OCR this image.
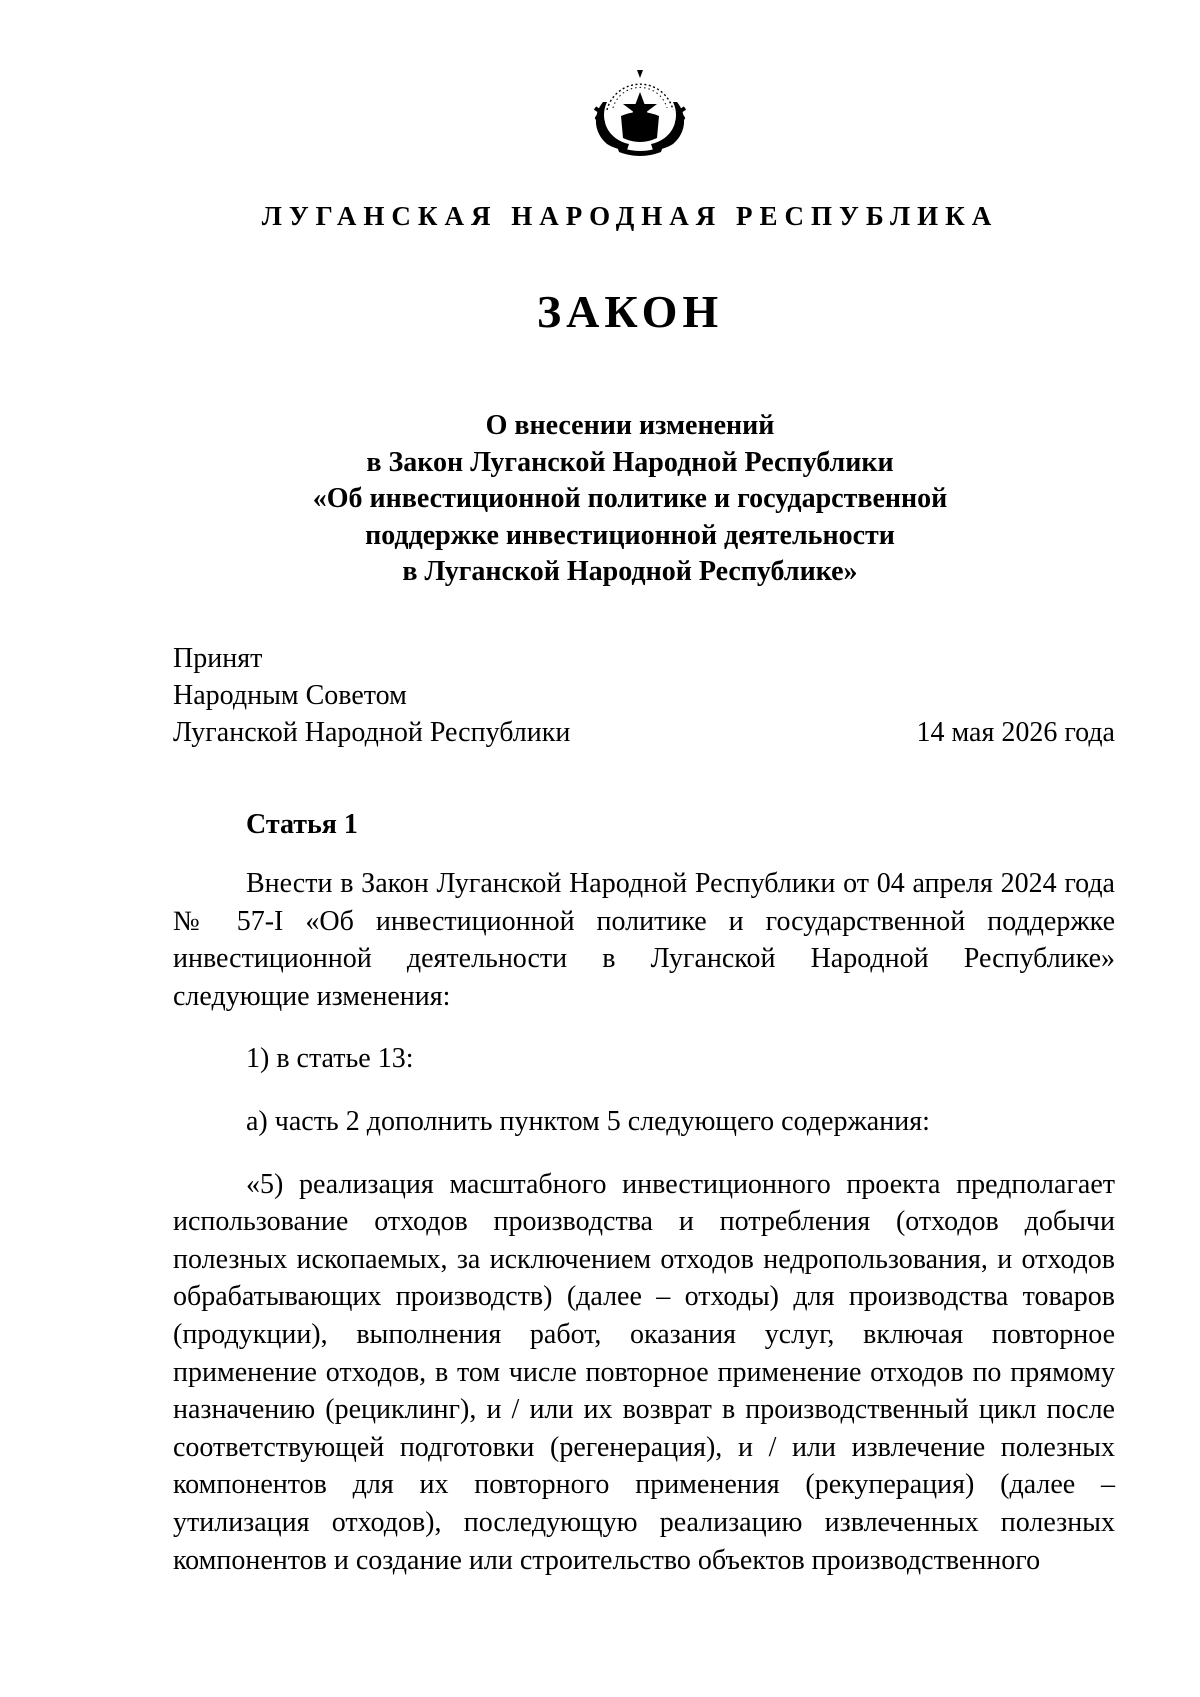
ЛУГАНСКАЯ НАРОДНАЯ РЕСПУБЛИКА
ЗАКОН
О внесении изменений
в Закон Луганской Народной Республики
«Об инвестиционной политике и государственной
поддержке инвестиционной деятельности
в Луганской Народной Республике»
Принят
Народным Советом
Луганской Народной Республики	14 мая 2026 года
Статья 1

Внести в Закон Луганской Народной Республики от 04 апреля 2024 года № 57-I «Об инвестиционной политике и государственной поддержке инвестиционной деятельности в Луганской Народной Республике» следующие изменения:

1) в статье 13:

а) часть 2 дополнить пунктом 5 следующего содержания:

«5) реализация масштабного инвестиционного проекта предполагает использование отходов производства и потребления (отходов добычи полезных ископаемых, за исключением отходов недропользования, и отходов обрабатывающих производств) (далее – отходы) для производства товаров (продукции), выполнения работ, оказания услуг, включая повторное применение отходов, в том числе повторное применение отходов по прямому назначению (рециклинг), и / или их возврат в производственный цикл после соответствующей подготовки (регенерация), и / или извлечение полезных компонентов для их повторного применения (рекуперация) (далее – утилизация отходов), последующую реализацию извлеченных полезных компонентов и создание или строительство объектов производственного
